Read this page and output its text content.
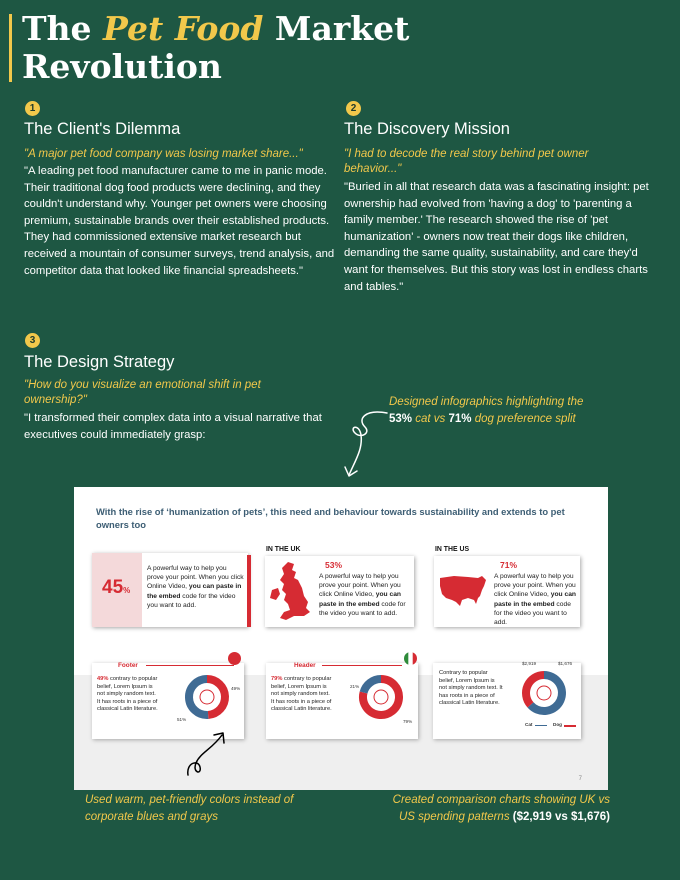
The Pet Food Market
Revolution
1
The Client's Dilemma
"A major pet food company was losing market share..."
"A leading pet food manufacturer came to me in panic mode. Their traditional dog food products were declining, and they couldn't understand why. Younger pet owners were choosing premium, sustainable brands over their established products. They had commissioned extensive market research but received a mountain of consumer surveys, trend analysis, and competitor data that looked like financial spreadsheets."
2
The Discovery Mission
"I had to decode the real story behind pet owner behavior..."
"Buried in all that research data was a fascinating insight: pet ownership had evolved from 'having a dog' to 'parenting a family member.' The research showed the rise of 'pet humanization' - owners now treat their dogs like children, demanding the same quality, sustainability, and care they'd want for themselves. But this story was lost in endless charts and tables."
3
The Design Strategy
"How do you visualize an emotional shift in pet ownership?"
"I transformed their complex data into a visual narrative that executives could immediately grasp:
Designed infographics highlighting the
53% cat vs 71% dog preference split
With the rise of ‘humanization of pets’, this need and behaviour towards sustainability and extends to pet owners too
45%
A powerful way to help you prove your point. When you click Online Video, you can paste in the embed code for the video you want to add.
IN THE UK
53%
A powerful way to help you prove your point. When you click Online Video, you can paste in the embed code for the video you want to add.
IN THE US
71%
A powerful way to help you prove your point. When you click Online Video, you can paste in the embed code for the video you want to add.
Footer
49% contrary to popular belief, Lorem Ipsum is not simply random text. It has roots in a piece of classical Latin literature.
49%
51%
Header
79% contrary to popular belief, Lorem Ipsum is not simply random text. It has roots in a piece of classical Latin literature.
21%
79%
Contrary to popular belief, Lorem Ipsum is not simply random text. It has roots in a piece of classical Latin literature.
$2,919	$1,676
Cat	Dog
7
Used warm, pet-friendly colors instead of
corporate blues and grays
Created comparison charts showing UK vs
US spending patterns ($2,919 vs $1,676)
